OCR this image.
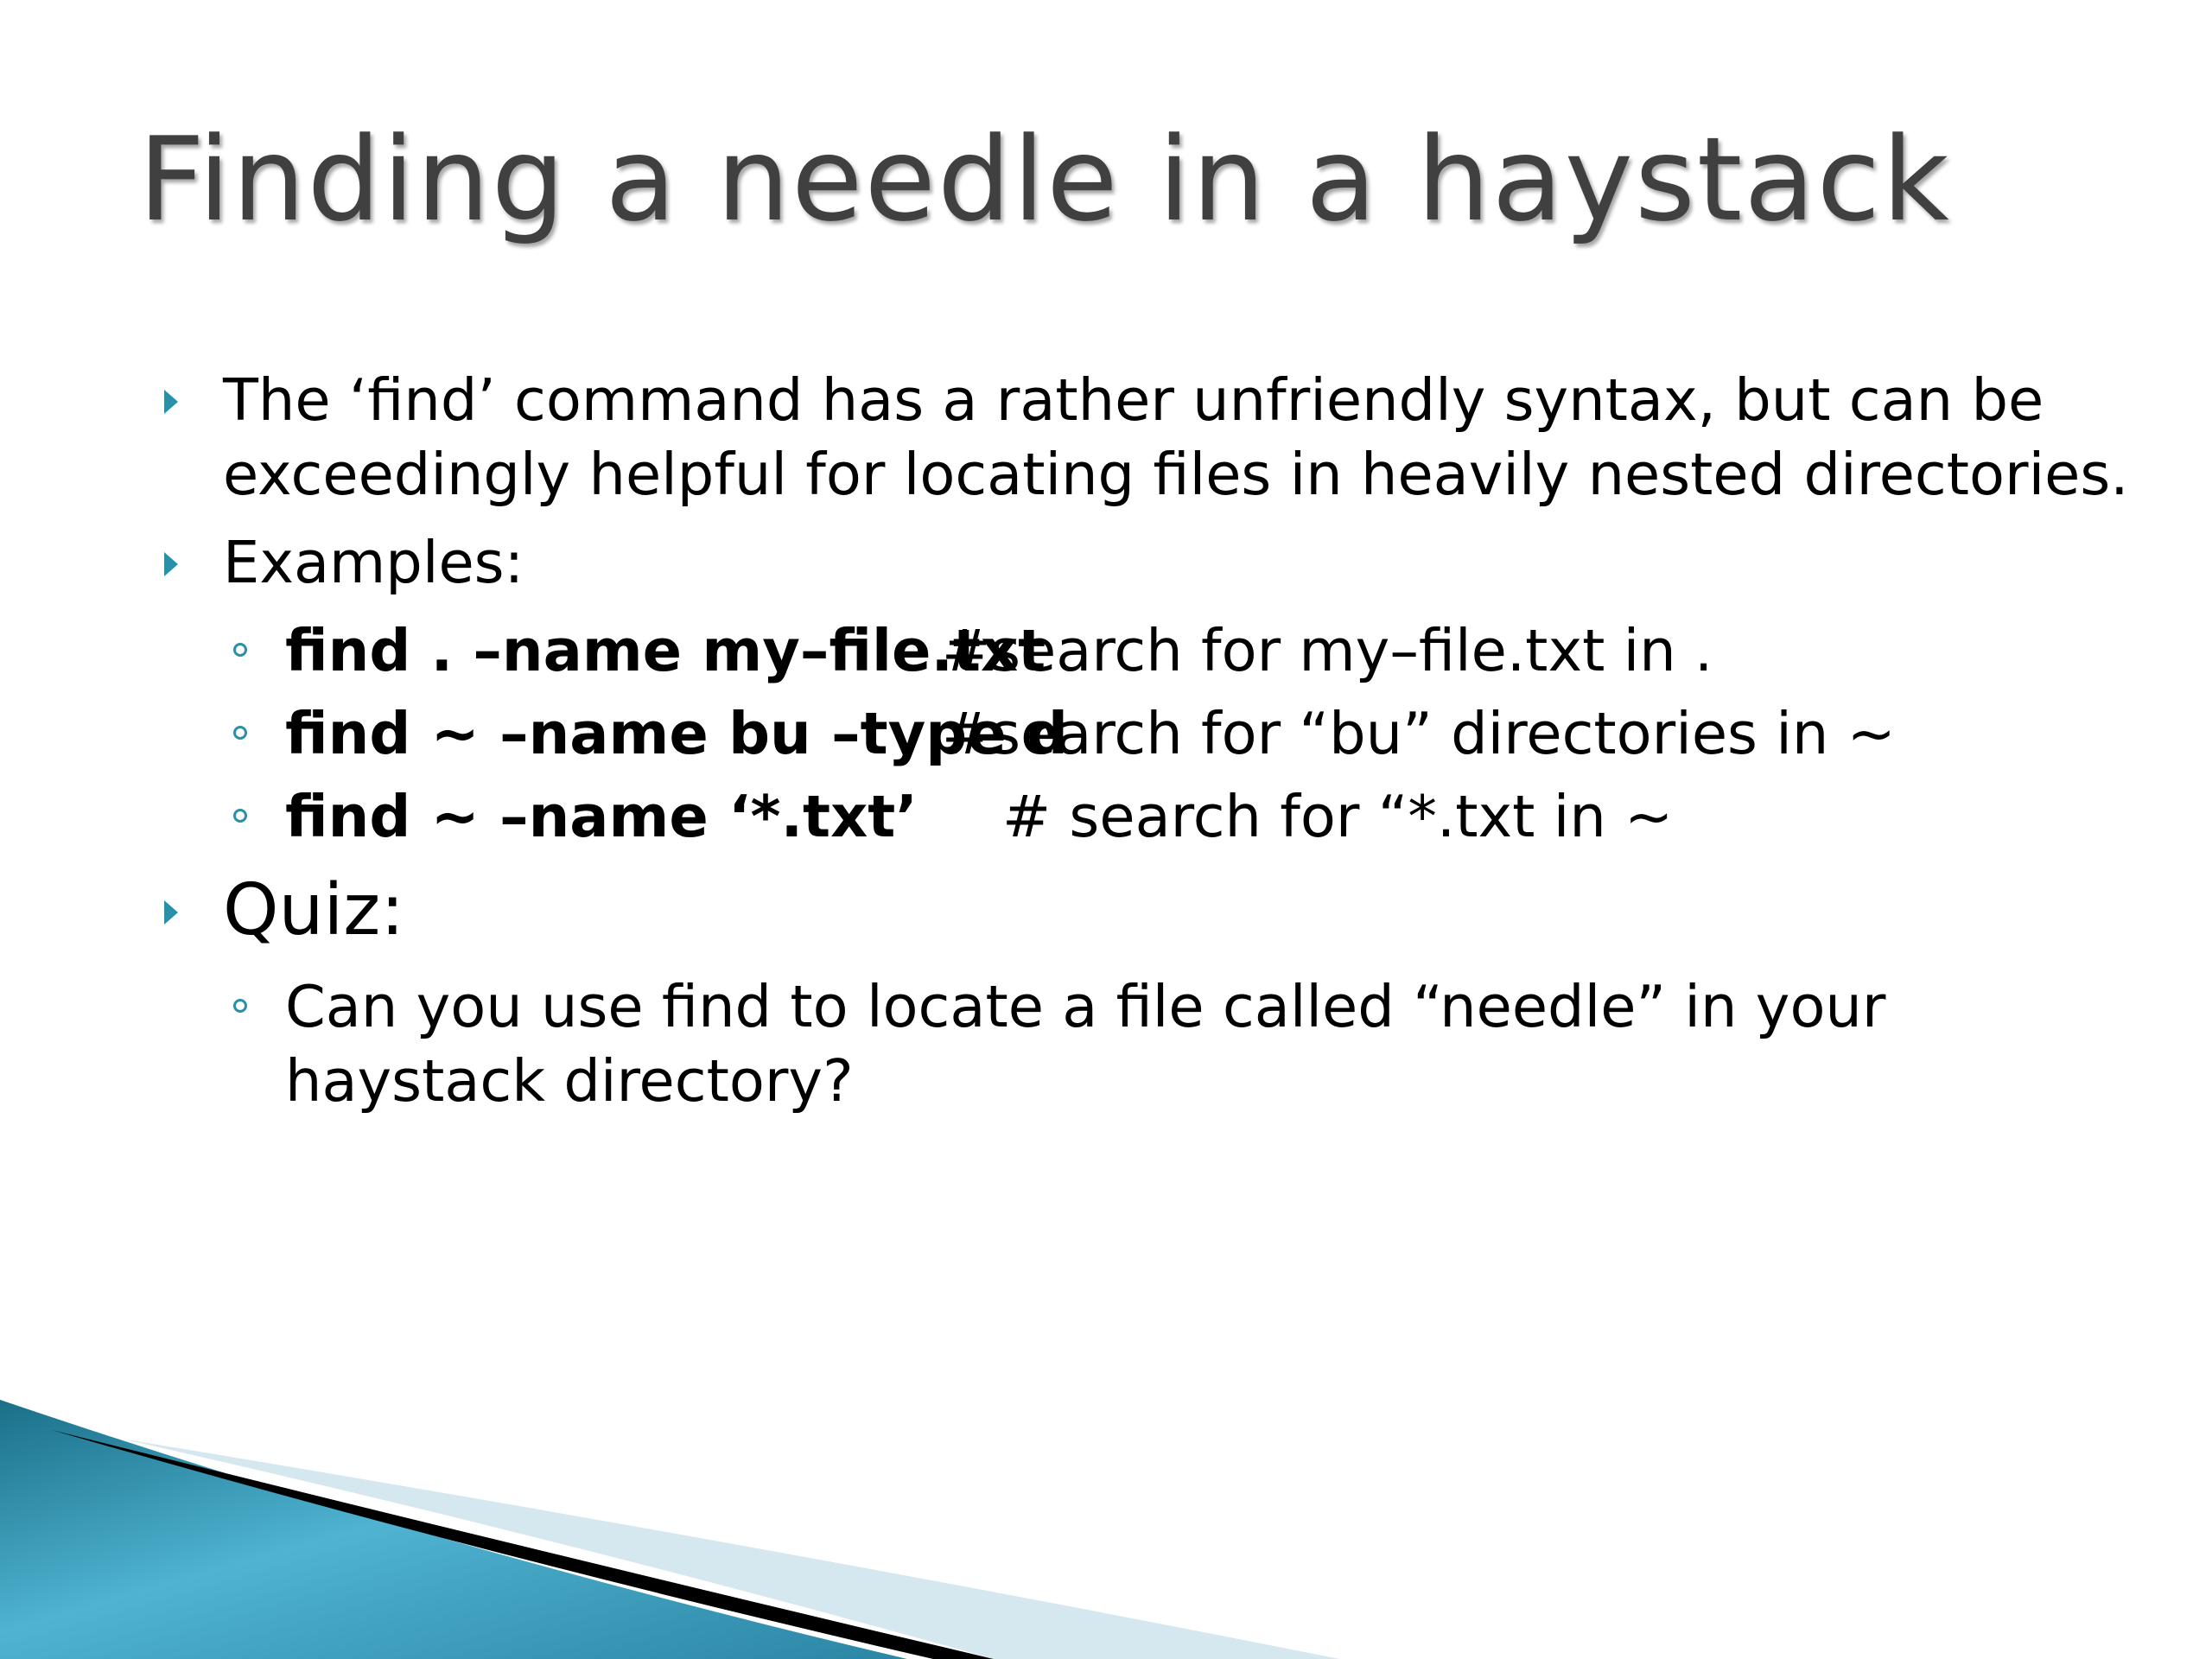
Finding a needle in a haystack
The ‘find’ command has a rather unfriendly syntax, but can be exceedingly helpful for locating files in heavily nested directories.
Examples:
find . –name my–file.txt#search for my–file.txt in .
find ~ –name bu –type d#search for “bu” directories in ~
find ~ –name ‘*.txt’ # search for “*.txt in ~
Quiz:
Can you use find to locate a file called “needle” in your haystack directory?
